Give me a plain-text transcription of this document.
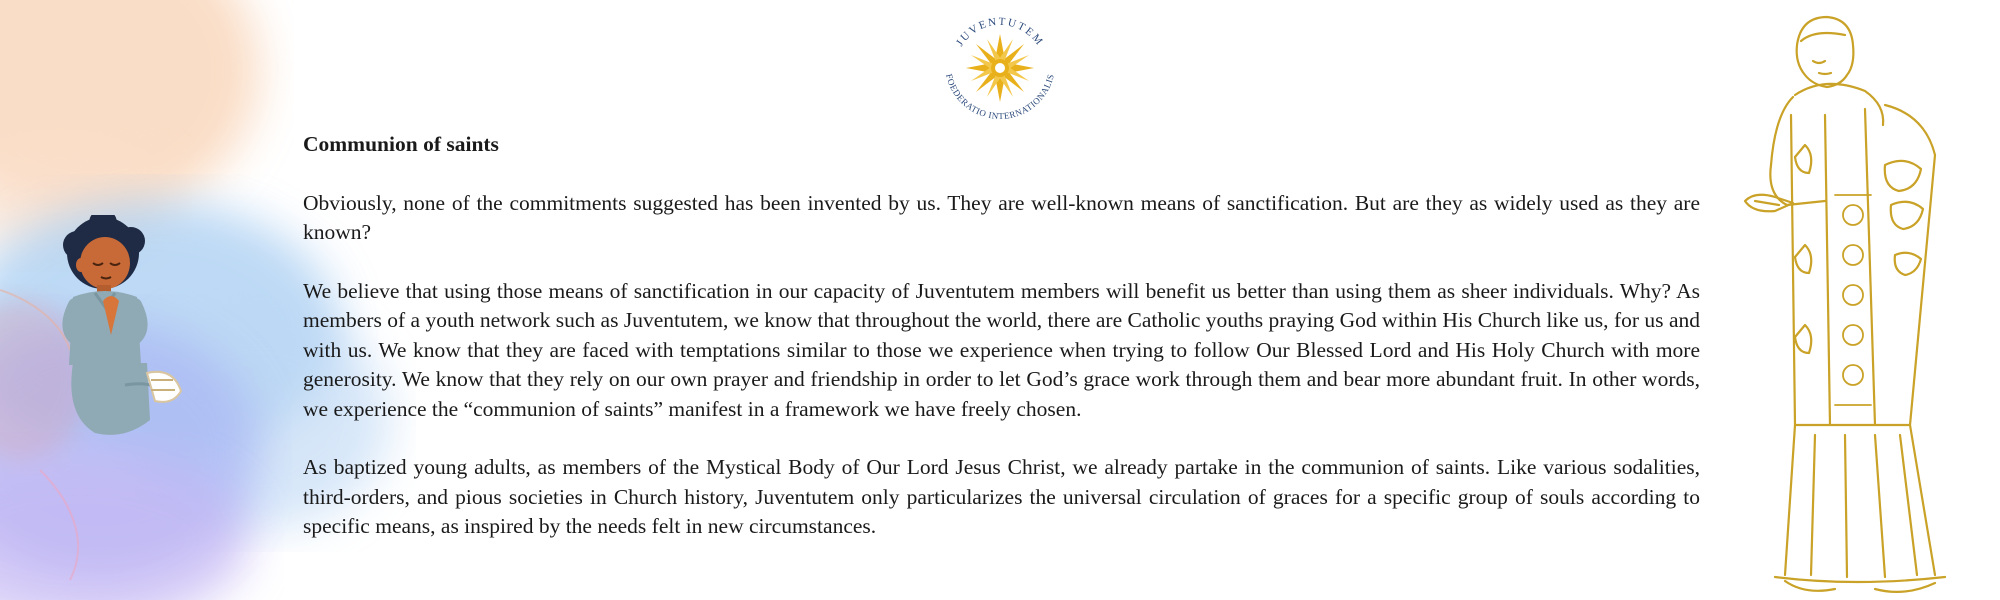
JUVENTUTEM
FOEDERATIO INTERNATIONALIS

Communion of saints

Obviously, none of the commitments suggested has been invented by us. They are well-known means of sanctification. But are they as widely used as they are known?

We believe that using those means of sanctification in our capacity of Juventutem members will benefit us better than using them as sheer individuals. Why? As members of a youth network such as Juventutem, we know that throughout the world, there are Catholic youths praying God within His Church like us, for us and with us. We know that they are faced with temptations similar to those we experience when trying to follow Our Blessed Lord and His Holy Church with more generosity. We know that they rely on our own prayer and friendship in order to let God’s grace work through them and bear more abundant fruit. In other words, we experience the “communion of saints” manifest in a framework we have freely chosen.

As baptized young adults, as members of the Mystical Body of Our Lord Jesus Christ, we already partake in the communion of saints. Like various sodalities, third-orders, and pious societies in Church history, Juventutem only particularizes the universal circulation of graces for a specific group of souls according to specific means, as inspired by the needs felt in new circumstances.
